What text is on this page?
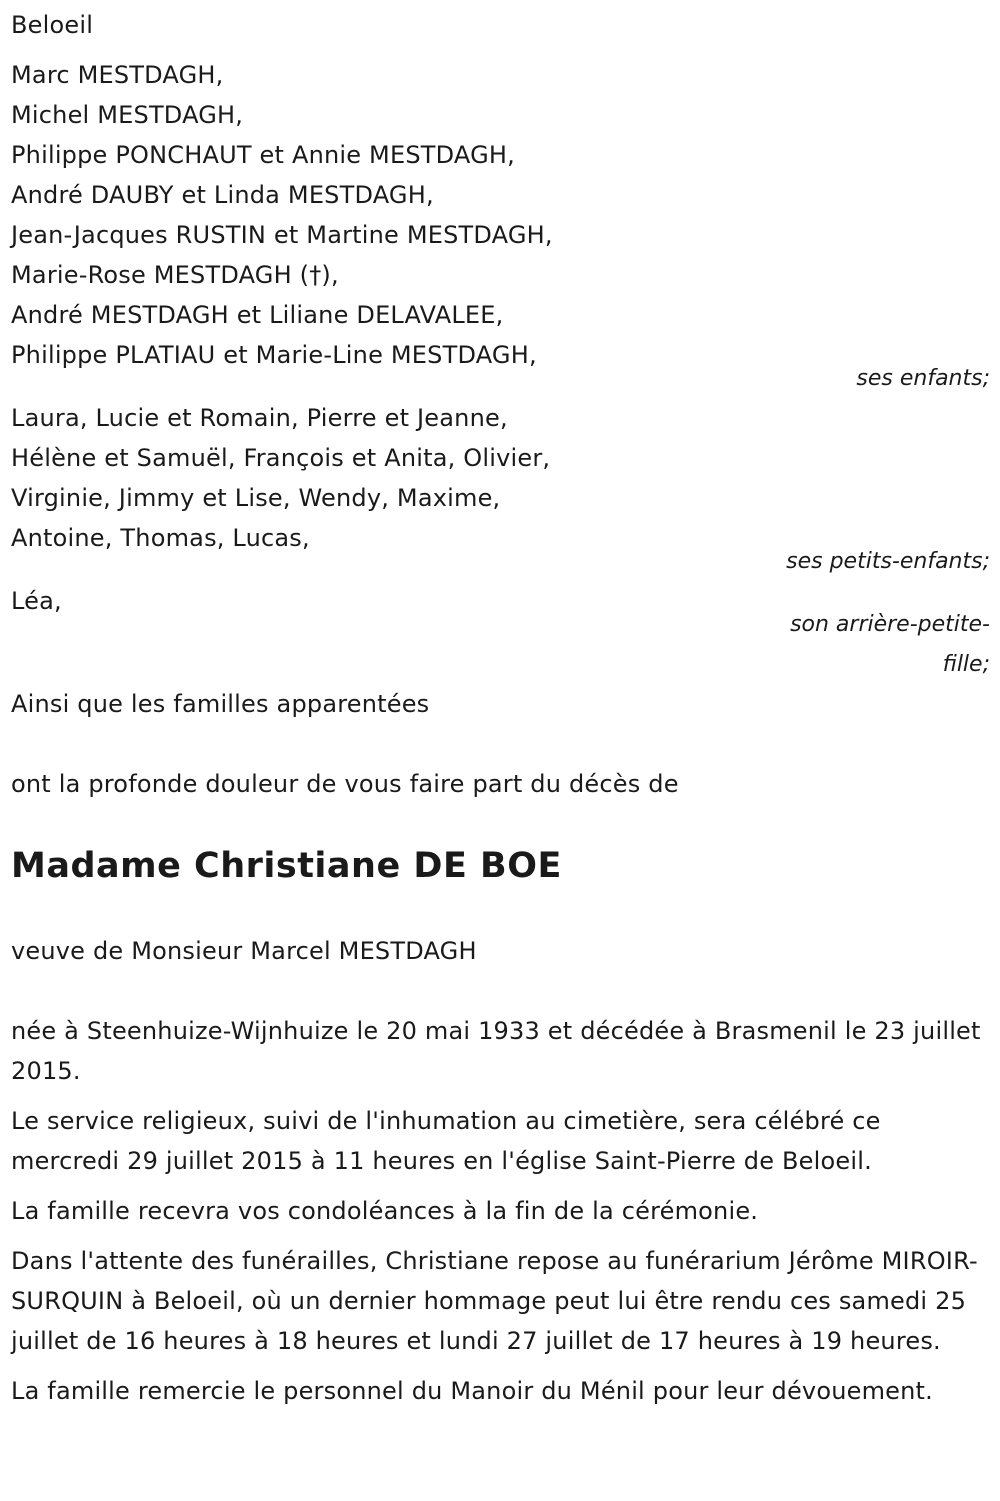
Beloeil
Marc MESTDAGH,
Michel MESTDAGH,
Philippe PONCHAUT et Annie MESTDAGH,
André DAUBY et Linda MESTDAGH,
Jean-Jacques RUSTIN et Martine MESTDAGH,
Marie-Rose MESTDAGH (†),
André MESTDAGH et Liliane DELAVALEE,
Philippe PLATIAU et Marie-Line MESTDAGH,
ses enfants;
Laura, Lucie et Romain, Pierre et Jeanne,
Hélène et Samuël, François et Anita, Olivier,
Virginie, Jimmy et Lise, Wendy, Maxime,
Antoine, Thomas, Lucas,
ses petits-enfants;
Léa,
son arrière-petite-
fille;
Ainsi que les familles apparentées
ont la profonde douleur de vous faire part du décès de
Madame Christiane DE BOE
veuve de Monsieur Marcel MESTDAGH
née à Steenhuize-Wijnhuize le 20 mai 1933 et décédée à Brasmenil le 23 juillet 2015.
Le service religieux, suivi de l'inhumation au cimetière, sera célébré ce mercredi 29 juillet 2015 à 11 heures en l'église Saint-Pierre de Beloeil.
La famille recevra vos condoléances à la fin de la cérémonie.
Dans l'attente des funérailles, Christiane repose au funérarium Jérôme MIROIR-SURQUIN à Beloeil, où un dernier hommage peut lui être rendu ces samedi 25 juillet de 16 heures à 18 heures et lundi 27 juillet de 17 heures à 19 heures.
La famille remercie le personnel du Manoir du Ménil pour leur dévouement.
